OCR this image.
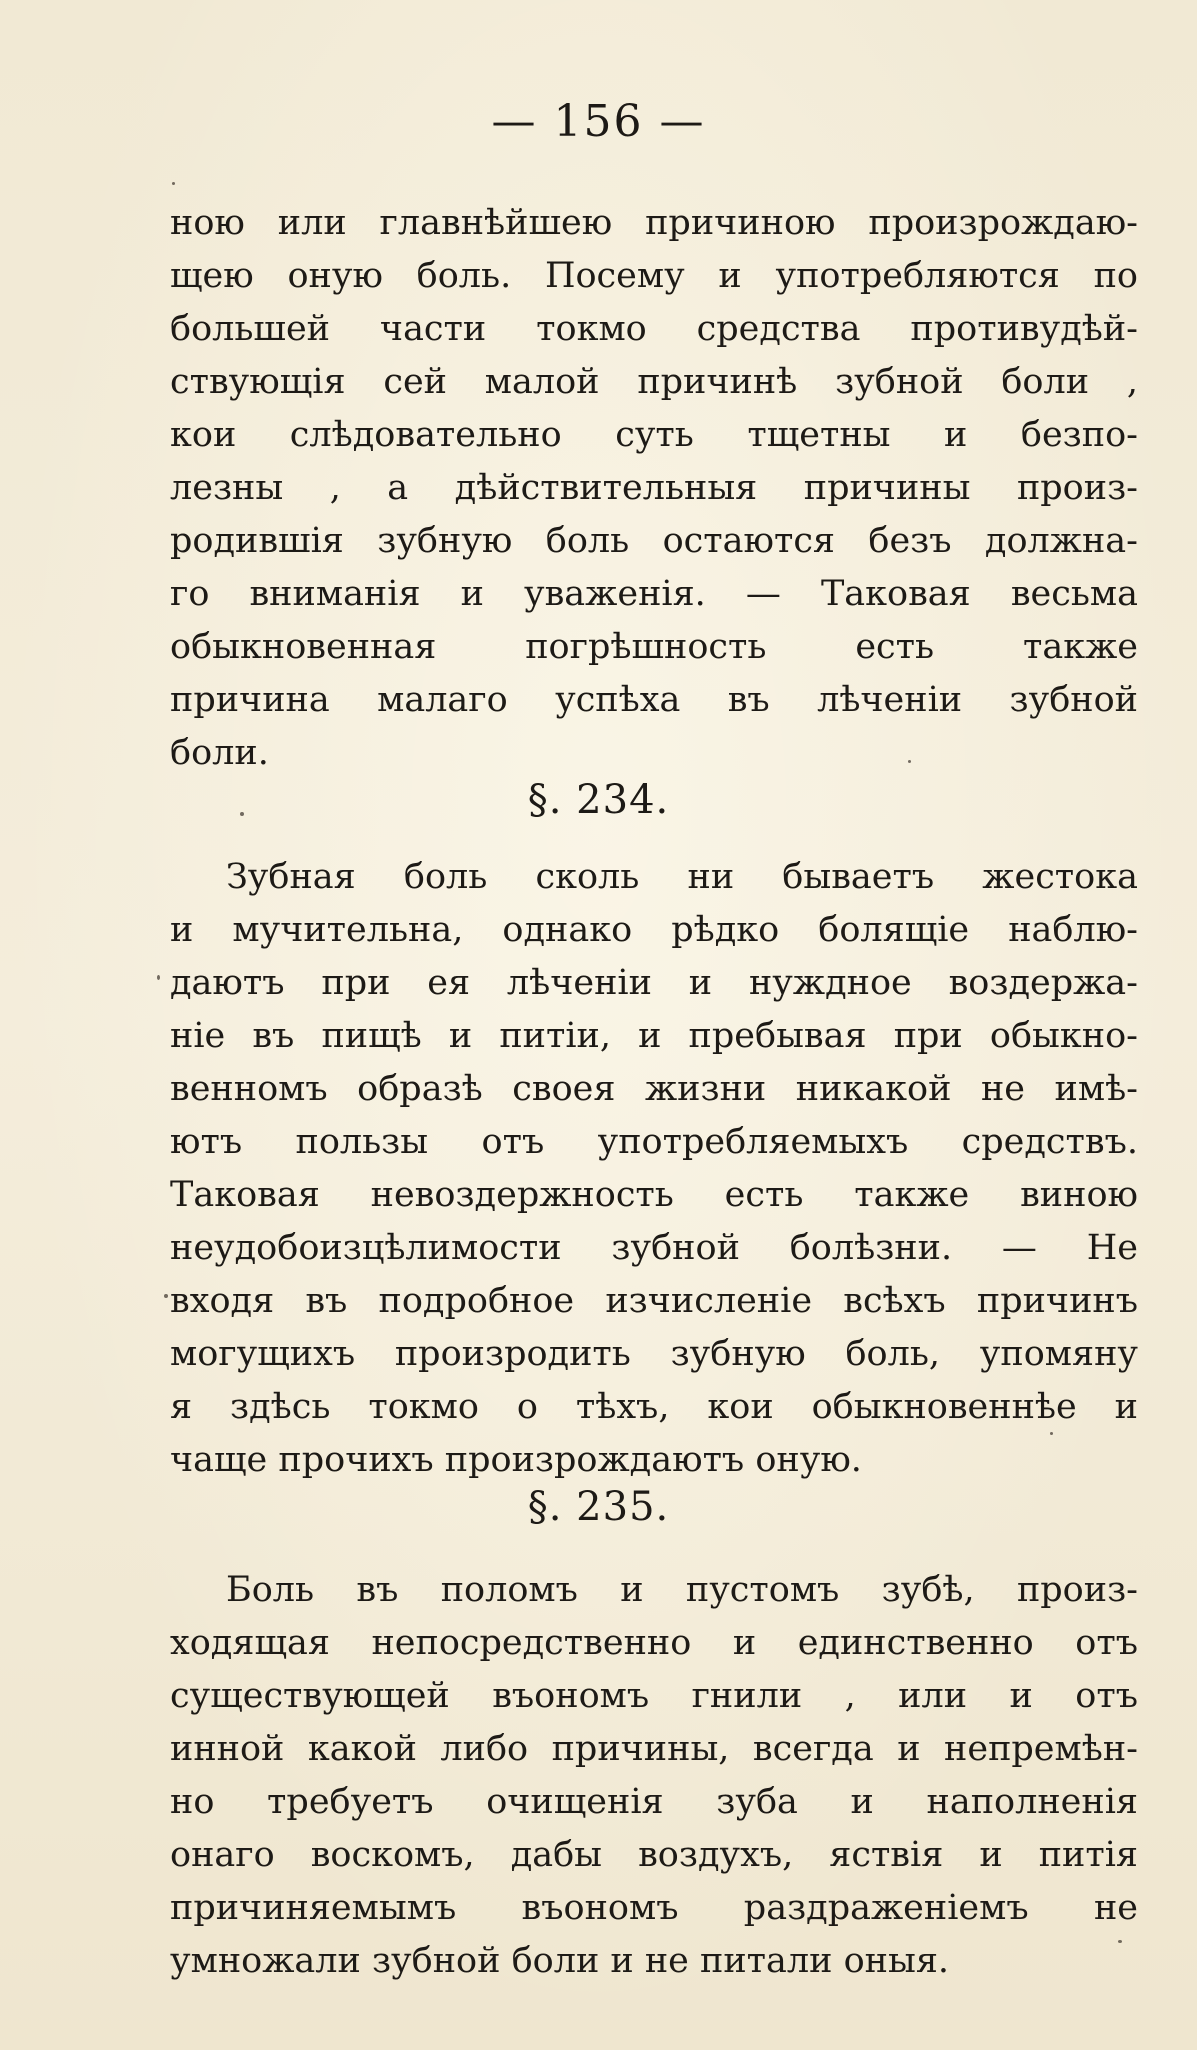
— 156 —
ною или главнѣйшею причиною произрождаю-
щею оную боль. Посему и употребляются по
большей части токмо средства противудѣй-
ствующія сей малой причинѣ зубной боли ,
кои слѣдовательно суть тщетны и безпо-
лезны , а дѣйствительныя причины произ-
родившія зубную боль остаются безъ должна-
го вниманія и уваженія. — Таковая весьма
обыкновенная погрѣшность есть также
причина малаго успѣха въ лѣченіи зубной
боли.
§. 234.
Зубная боль сколь ни бываетъ жестока
и мучительна, однако рѣдко болящіе наблю-
даютъ при ея лѣченіи и нуждное воздержа-
ніе въ пищѣ и питіи, и пребывая при обыкно-
венномъ образѣ своея жизни никакой не имѣ-
ютъ пользы отъ употребляемыхъ средствъ.
Таковая невоздержность есть также виною
неудобоизцѣлимости зубной болѣзни. — Не
входя въ подробное изчисленіе всѣхъ причинъ
могущихъ произродить зубную боль, упомяну
я здѣсь токмо о тѣхъ, кои обыкновеннѣе и
чаще прочихъ произрождаютъ оную.
§. 235.
Боль въ поломъ и пустомъ зубѣ, произ-
ходящая непосредственно и единственно отъ
существующей въономъ гнили , или и отъ
инной какой либо причины, всегда и непремѣн-
но требуетъ очищенія зуба и наполненія
онаго воскомъ, дабы воздухъ, яствія и питія
причиняемымъ въономъ раздраженіемъ не
умножали зубной боли и не питали оныя.
